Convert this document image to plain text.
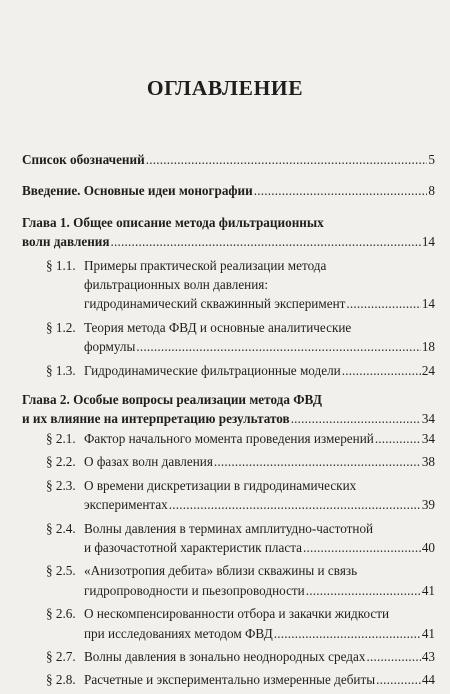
ОГЛАВЛЕНИЕ
Список обозначений .....	5
Введение. Основные идеи монографии .....	8
Глава 1. Общее описание метода фильтрационных
волн давления .....	14
§ 1.1. Примеры практической реализации метода
фильтрационных волн давления:
гидродинамический скважинный эксперимент .....	14
§ 1.2. Теория метода ФВД и основные аналитические
формулы .....	18
§ 1.3. Гидродинамические фильтрационные модели .....	24
Глава 2. Особые вопросы реализации метода ФВД
и их влияние на интерпретацию результатов .....	34
§ 2.1. Фактор начального момента проведения измерений .....	34
§ 2.2. О фазах волн давления .....	38
§ 2.3. О времени дискретизации в гидродинамических
экспериментах .....	39
§ 2.4. Волны давления в терминах амплитудно-частотной
и фазочастотной характеристик пласта .....	40
§ 2.5. «Анизотропия дебита» вблизи скважины и связь
гидропроводности и пьезопроводности .....	41
§ 2.6. О нескомпенсированности отбора и закачки жидкости
при исследованиях методом ФВД .....	41
§ 2.7. Волны давления в зонально неоднородных средах .....	43
§ 2.8. Расчетные и экспериментально измеренные дебиты .....	44
